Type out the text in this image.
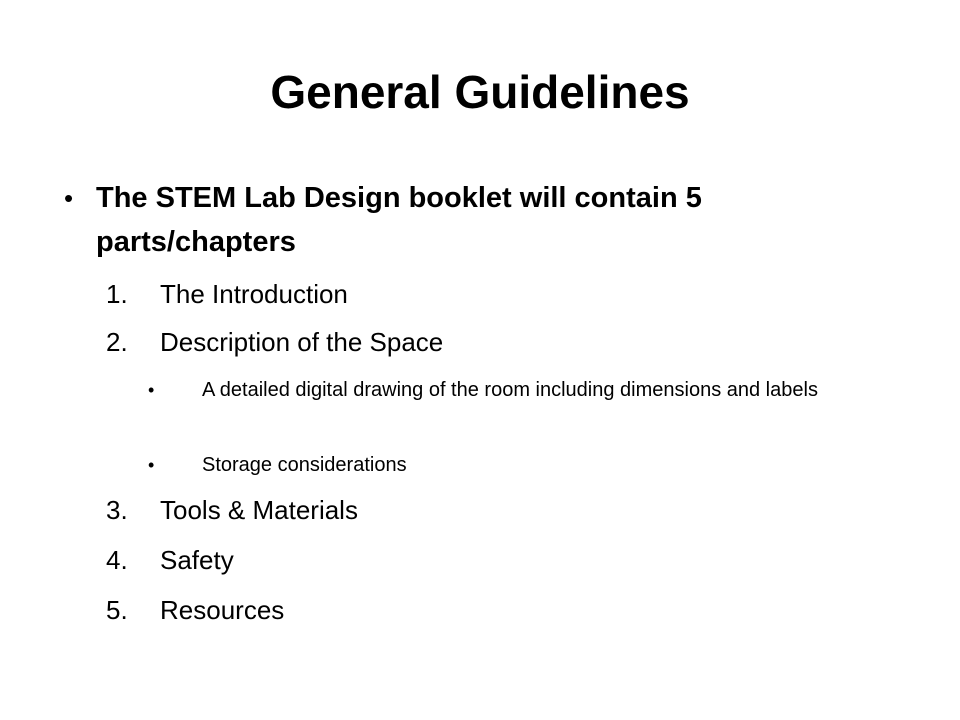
General Guidelines
• The STEM Lab Design booklet will contain 5 parts/chapters
1. The Introduction
2. Description of the Space
• A detailed digital drawing of the room including dimensions and labels
• Storage considerations
3. Tools & Materials
4. Safety
5. Resources
